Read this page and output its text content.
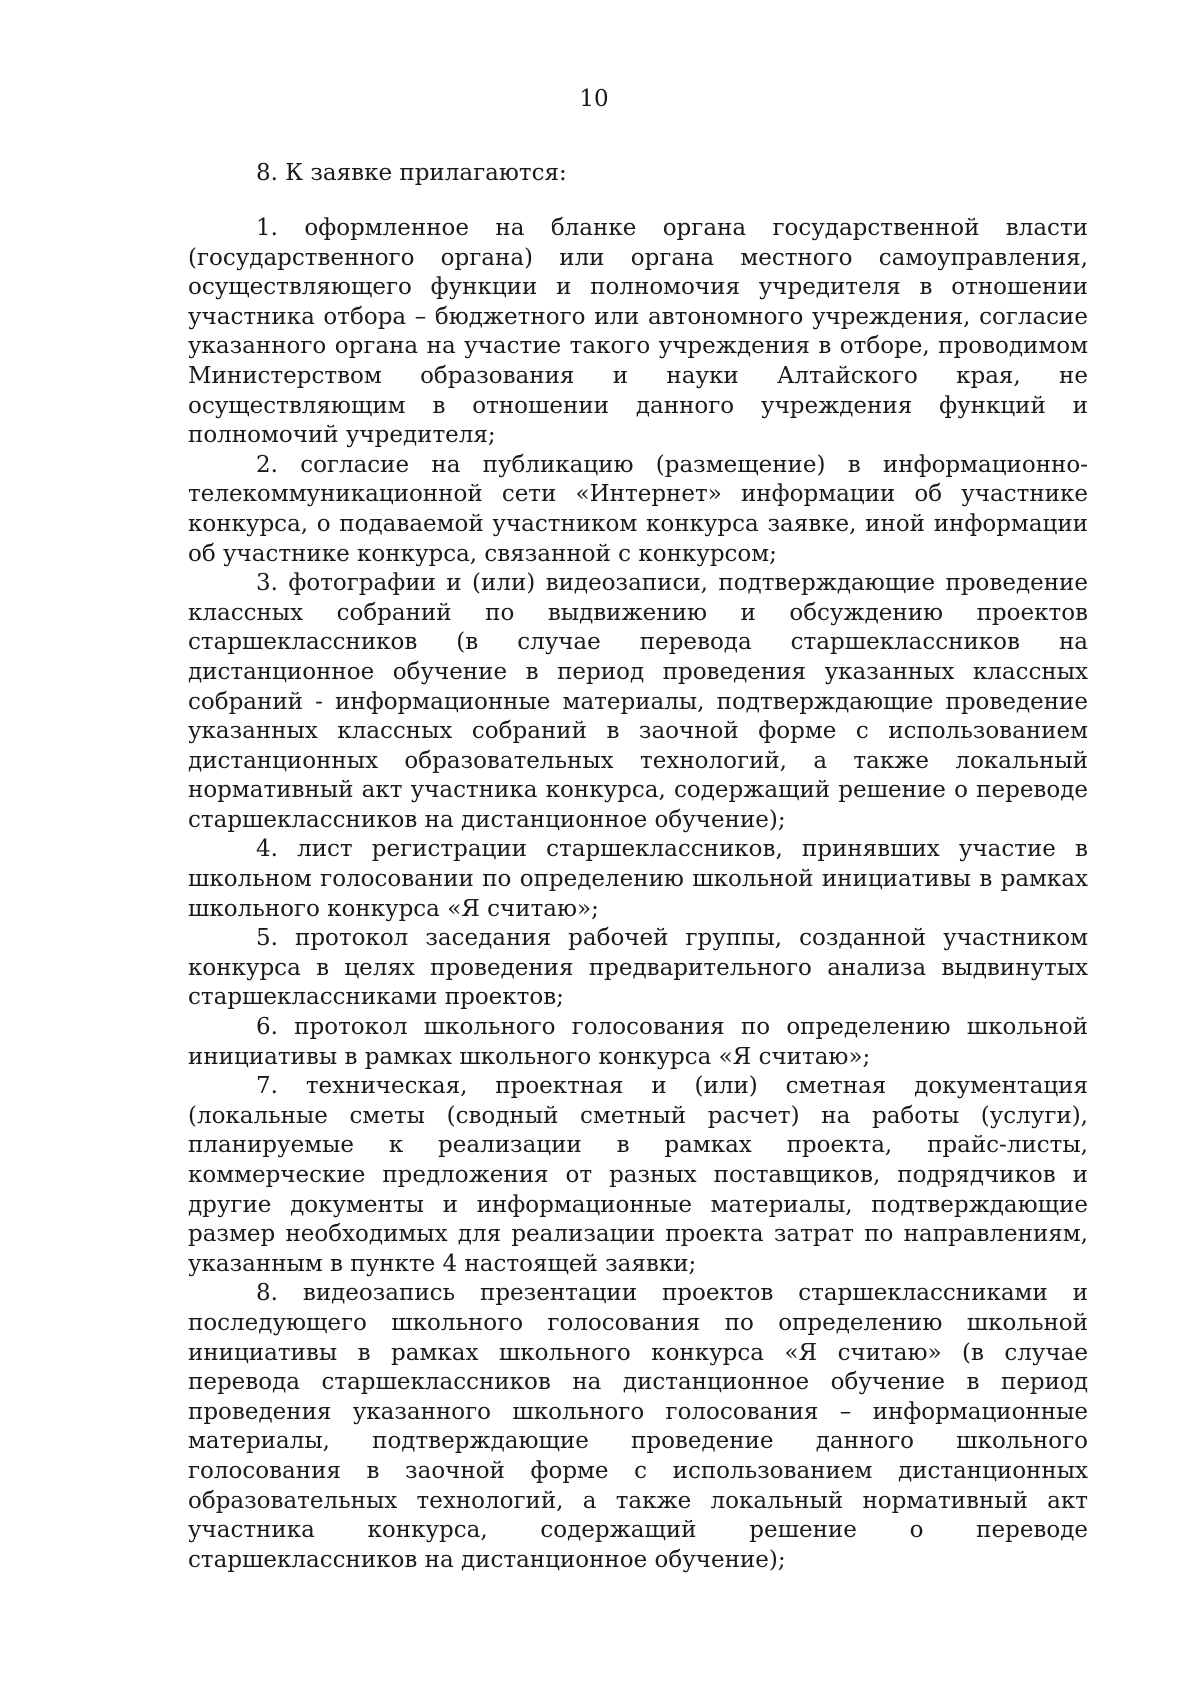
10
8. К заявке прилагаются:

1. оформленное на бланке органа государственной власти (государственного органа) или органа местного самоуправления, осуществляющего функции и полномочия учредителя в отношении участника отбора – бюджетного или автономного учреждения, согласие указанного органа на участие такого учреждения в отборе, проводимом Министерством образования и науки Алтайского края, не осуществляющим в отношении данного учреждения функций и полномочий учредителя;

2. согласие на публикацию (размещение) в информационно-телекоммуникационной сети «Интернет» информации об участнике конкурса, о подаваемой участником конкурса заявке, иной информации об участнике конкурса, связанной с конкурсом;

3. фотографии и (или) видеозаписи, подтверждающие проведение классных собраний по выдвижению и обсуждению проектов старшеклассников (в случае перевода старшеклассников на дистанционное обучение в период проведения указанных классных собраний - информационные материалы, подтверждающие проведение указанных классных собраний в заочной форме с использованием дистанционных образовательных технологий, а также локальный нормативный акт участника конкурса, содержащий решение о переводе старшеклассников на дистанционное обучение);

4. лист регистрации старшеклассников, принявших участие в школьном голосовании по определению школьной инициативы в рамках школьного конкурса «Я считаю»;

5. протокол заседания рабочей группы, созданной участником конкурса в целях проведения предварительного анализа выдвинутых старшеклассниками проектов;

6. протокол школьного голосования по определению школьной инициативы в рамках школьного конкурса «Я считаю»;

7. техническая, проектная и (или) сметная документация (локальные сметы (сводный сметный расчет) на работы (услуги), планируемые к реализации в рамках проекта, прайс-листы, коммерческие предложения от разных поставщиков, подрядчиков и другие документы и информационные материалы, подтверждающие размер необходимых для реализации проекта затрат по направлениям, указанным в пункте 4 настоящей заявки;

8. видеозапись презентации проектов старшеклассниками и последующего школьного голосования по определению школьной инициативы в рамках школьного конкурса «Я считаю» (в случае перевода старшеклассников на дистанционное обучение в период проведения указанного школьного голосования – информационные материалы, подтверждающие проведение данного школьного голосования в заочной форме с использованием дистанционных образовательных технологий, а также локальный нормативный акт участника конкурса, содержащий решение о переводе старшеклассников на дистанционное обучение);
